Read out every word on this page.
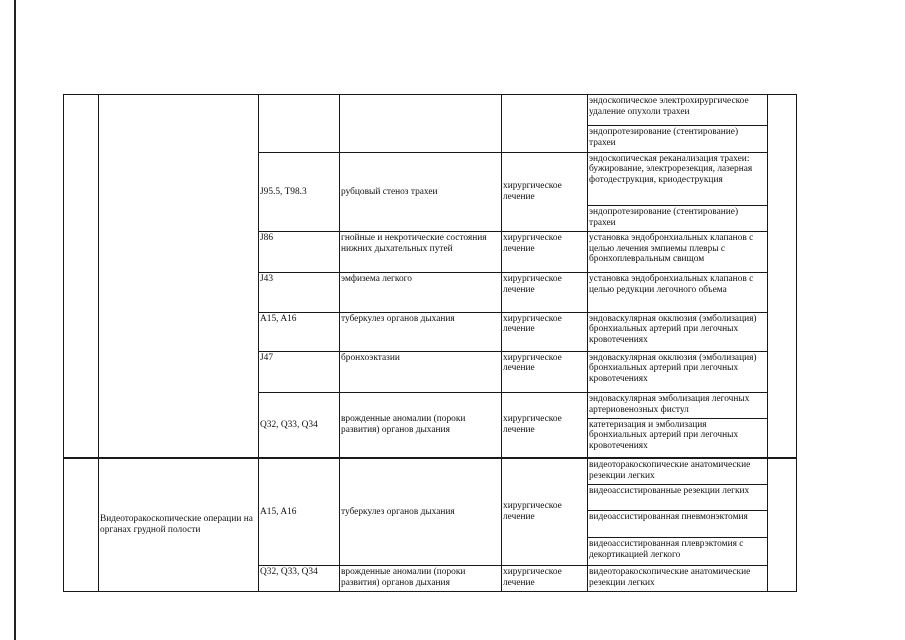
					эндоскопическое электрохирургическое удаление опухоли трахеи	
					эндопротезирование (стентирование) трахеи	
		J95.5, T98.3	рубцовый стеноз трахеи	хирургическое лечение	эндоскопическая реканализация трахеи: бужирование, электрорезекция, лазерная фотодеструкция, криодеструкция	
					эндопротезирование (стентирование) трахеи	
		J86	гнойные и некротические состояния нижних дыхательных путей	хирургическое лечение	установка эндобронхиальных клапанов с целью лечения эмпиемы плевры с бронхоплевральным свищом	
		J43	эмфизема легкого	хирургическое лечение	установка эндобронхиальных клапанов с целью редукции легочного объема	
		A15, A16	туберкулез органов дыхания	хирургическое лечение	эндоваскулярная окклюзия (эмболизация) бронхиальных артерий при легочных кровотечениях	
		J47	бронхоэктазии	хирургическое лечение	эндоваскулярная окклюзия (эмболизация) бронхиальных артерий при легочных кровотечениях	
		Q32, Q33, Q34	врожденные аномалии (пороки развития) органов дыхания	хирургическое лечение	эндоваскулярная эмболизация легочных артериовенозных фистул	
					катетеризация и эмболизация бронхиальных артерий при легочных кровотечениях	
	Видеоторакоскопические операции на органах грудной полости	A15, A16	туберкулез органов дыхания	хирургическое лечение	видеоторакоскопические анатомические резекции легких	
					видеоассистированные резекции легких	
					видеоассистированная пневмонэктомия	
					видеоассистированная плеврэктомия с декортикацией легкого	
		Q32, Q33, Q34	врожденные аномалии (пороки развития) органов дыхания	хирургическое лечение	видеоторакоскопические анатомические резекции легких	
